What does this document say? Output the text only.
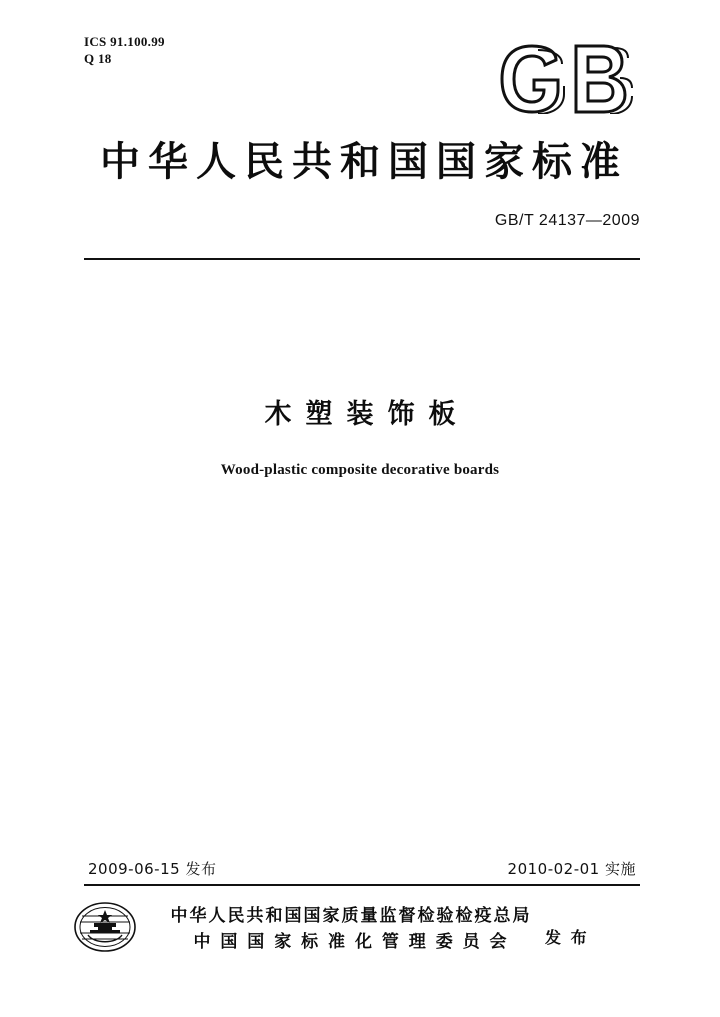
ICS 91.100.99
Q 18
中华人民共和国国家标准
GB/T 24137—2009
木塑装饰板
Wood-plastic composite decorative boards
2009-06-15 发布	2010-02-01 实施
中华人民共和国国家质量监督检验检疫总局
中 国 国 家 标 准 化 管 理 委 员 会	发 布
